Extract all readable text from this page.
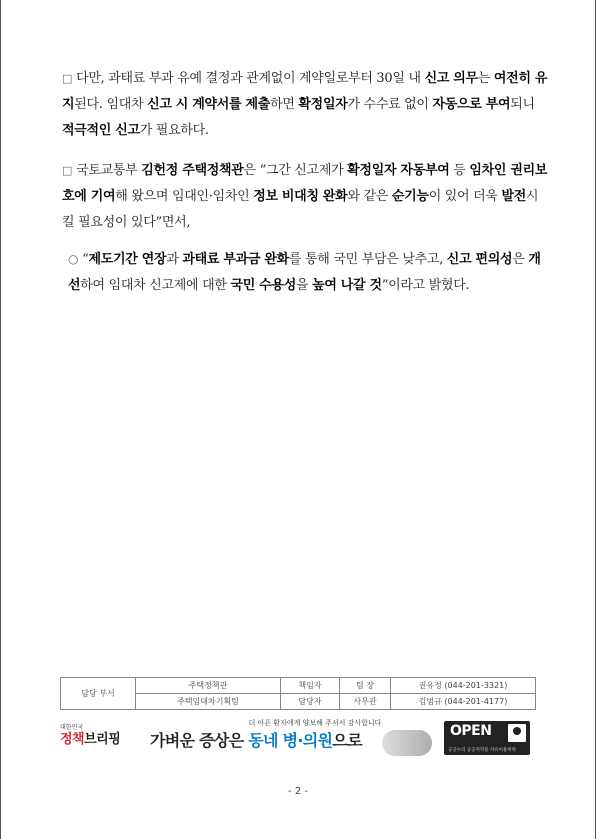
□ 다만, 과태료 부과 유예 결정과 관계없이 계약일로부터 30일 내 신고 의무는 여전히 유지된다. 임대차 신고 시 계약서를 제출하면 확정일자가 수수료 없이 자동으로 부여되니 적극적인 신고가 필요하다.

□ 국토교통부 김헌정 주택정책관은 “그간 신고제가 확정일자 자동부여 등 임차인 권리보호에 기여해 왔으며 임대인·임차인 정보 비대칭 완화와 같은 순기능이 있어 더욱 발전시킬 필요성이 있다”면서,

○ “제도기간 연장과 과태료 부과금 완화를 통해 국민 부담은 낮추고, 신고 편의성은 개선하여 임대차 신고제에 대한 국민 수용성을 높여 나갈 것”이라고 밝혔다.

담당 부서	주택정책관	책임자	팀 장	권유정 (044-201-3321)
	주택임대차기획팀	담당자	사무관	김범규 (044-201-4177)
대한민국
정책브리핑
더 아픈 환자에게 양보해 주셔서 감사합니다
가벼운 증상은 동네 병·의원으로	OPEN
공공누리 공공저작물 자유이용허락
- 2 -
